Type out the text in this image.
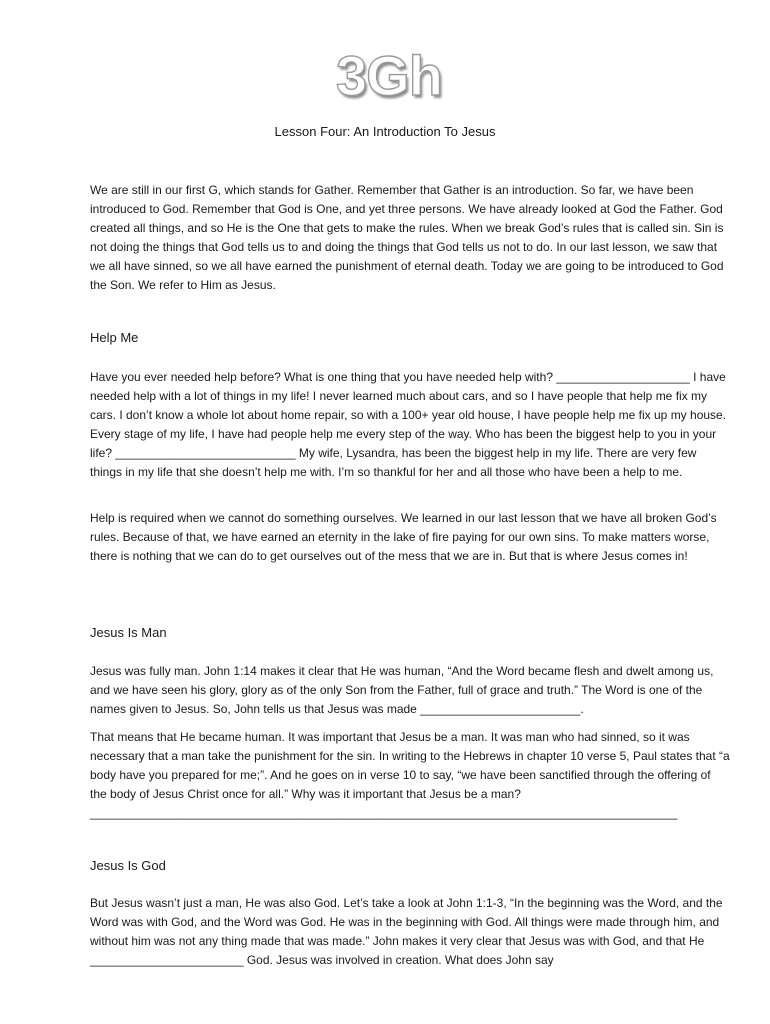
3Gh
Lesson Four: An Introduction To Jesus

We are still in our first G, which stands for Gather. Remember that Gather is an introduction. So far, we have been introduced to God. Remember that God is One, and yet three persons. We have already looked at God the Father. God created all things, and so He is the One that gets to make the rules. When we break God’s rules that is called sin. Sin is not doing the things that God tells us to and doing the things that God tells us not to do. In our last lesson, we saw that we all have sinned, so we all have earned the punishment of eternal death. Today we are going to be introduced to God the Son. We refer to Him as Jesus.

Help Me

Have you ever needed help before? What is one thing that you have needed help with? ____________________ I have needed help with a lot of things in my life! I never learned much about cars, and so I have people that help me fix my cars. I don’t know a whole lot about home repair, so with a 100+ year old house, I have people help me fix up my house. Every stage of my life, I have had people help me every step of the way. Who has been the biggest help to you in your life? ___________________________ My wife, Lysandra, has been the biggest help in my life. There are very few things in my life that she doesn’t help me with. I’m so thankful for her and all those who have been a help to me.

Help is required when we cannot do something ourselves. We learned in our last lesson that we have all broken God’s rules. Because of that, we have earned an eternity in the lake of fire paying for our own sins. To make matters worse, there is nothing that we can do to get ourselves out of the mess that we are in. But that is where Jesus comes in!

Jesus Is Man

Jesus was fully man. John 1:14 makes it clear that He was human, “And the Word became flesh and dwelt among us, and we have seen his glory, glory as of the only Son from the Father, full of grace and truth.” The Word is one of the names given to Jesus. So, John tells us that Jesus was made ________________________.

That means that He became human. It was important that Jesus be a man. It was man who had sinned, so it was necessary that a man take the punishment for the sin. In writing to the Hebrews in chapter 10 verse 5, Paul states that “a body have you prepared for me;”. And he goes on in verse 10 to say, “we have been sanctified through the offering of the body of Jesus Christ once for all.” Why was it important that Jesus be a man? ________________________________________________________________________________________

Jesus Is God

But Jesus wasn’t just a man, He was also God. Let’s take a look at John 1:1-3, “In the beginning was the Word, and the Word was with God, and the Word was God. He was in the beginning with God. All things were made through him, and without him was not any thing made that was made.” John makes it very clear that Jesus was with God, and that He _______________________ God. Jesus was involved in creation. What does John say
